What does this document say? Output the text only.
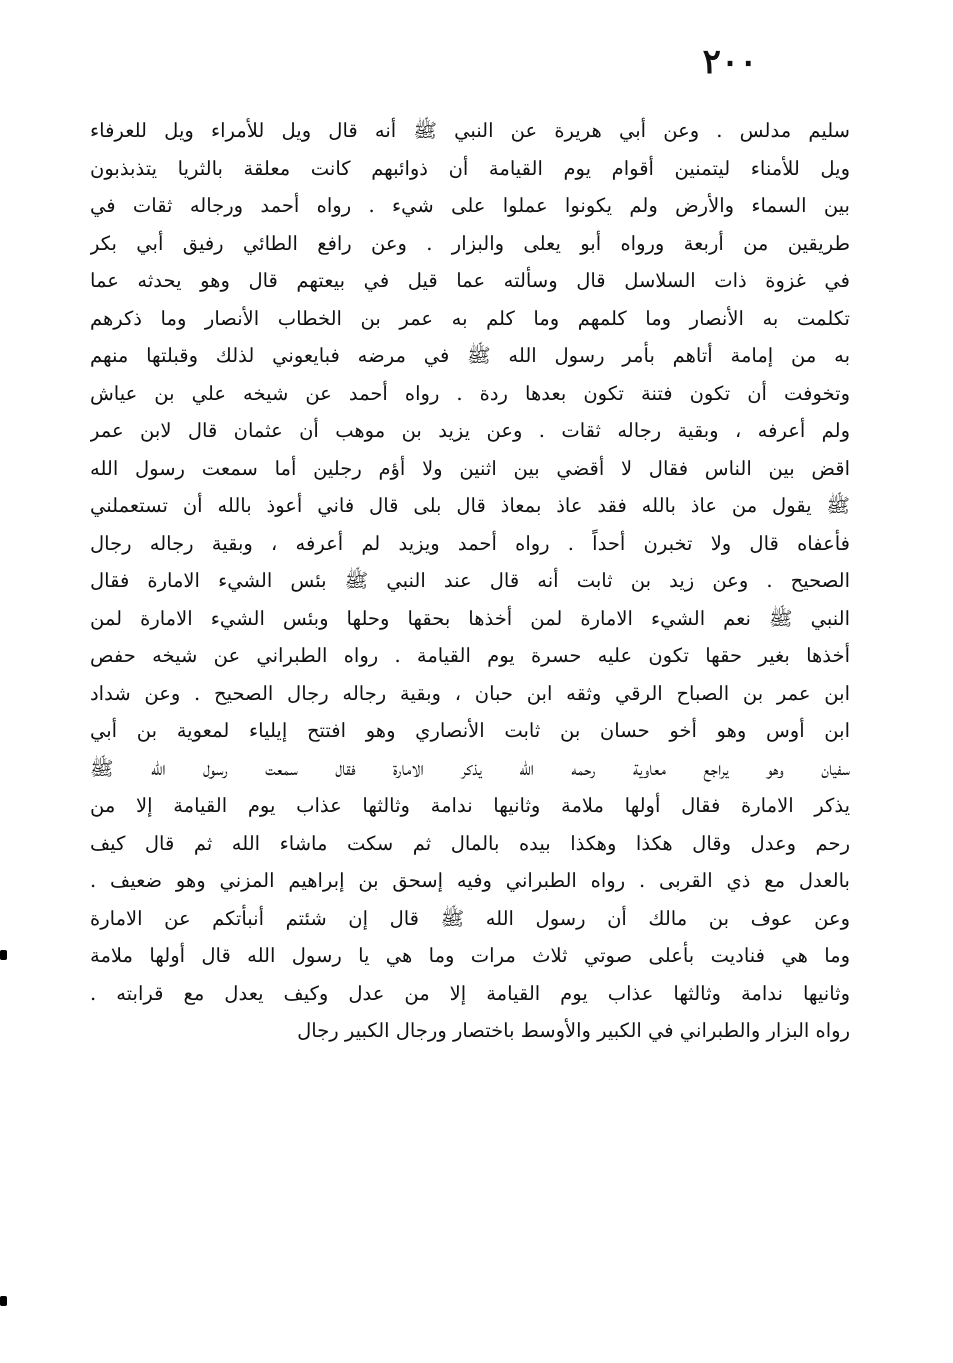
٢٠٠
سليم مدلس . وعن أبي هريرة عن النبي ﷺ أنه قال ويل للأمراء ويل للعرفاء
ويل للأمناء ليتمنين أقوام يوم القيامة أن ذوائبهم كانت معلقة بالثريا يتذبذبون
بين السماء والأرض ولم يكونوا عملوا على شيء . رواه أحمد ورجاله ثقات في
طريقين من أربعة ورواه أبو يعلى والبزار . وعن رافع الطائي رفيق أبي بكر
في غزوة ذات السلاسل قال وسألته عما قيل في بيعتهم قال وهو يحدثه عما
تكلمت به الأنصار وما كلمهم وما كلم به عمر بن الخطاب الأنصار وما ذكرهم
به من إمامة أتاهم بأمر رسول الله ﷺ في مرضه فبايعوني لذلك وقبلتها منهم
وتخوفت أن تكون فتنة تكون بعدها ردة . رواه أحمد عن شيخه علي بن عياش
ولم أعرفه ، وبقية رجاله ثقات . وعن يزيد بن موهب أن عثمان قال لابن عمر
اقض بين الناس فقال لا أقضي بين اثنين ولا أؤم رجلين أما سمعت رسول الله
ﷺ يقول من عاذ بالله فقد عاذ بمعاذ قال بلى قال فاني أعوذ بالله أن تستعملني
فأعفاه قال ولا تخبرن أحداً . رواه أحمد ويزيد لم أعرفه ، وبقية رجاله رجال
الصحيح . وعن زيد بن ثابت أنه قال عند النبي ﷺ بئس الشيء الامارة فقال
النبي ﷺ نعم الشيء الامارة لمن أخذها بحقها وحلها وبئس الشيء الامارة لمن
أخذها بغير حقها تكون عليه حسرة يوم القيامة . رواه الطبراني عن شيخه حفص
ابن عمر بن الصباح الرقي وثقه ابن حبان ، وبقية رجاله رجال الصحيح . وعن شداد
ابن أوس وهو أخو حسان بن ثابت الأنصاري وهو افتتح إيلياء لمعوية بن أبي
سفيان وهو يراجع معاوية رحمه الله يذكر الامارة فقال سمعت رسول الله ﷺ
يذكر الامارة فقال أولها ملامة وثانيها ندامة وثالثها عذاب يوم القيامة إلا من
رحم وعدل وقال هكذا وهكذا بيده بالمال ثم سكت ماشاء الله ثم قال كيف
بالعدل مع ذي القربى . رواه الطبراني وفيه إسحق بن إبراهيم المزني وهو ضعيف .
وعن عوف بن مالك أن رسول الله ﷺ قال إن شئتم أنبأتكم عن الامارة
وما هي فناديت بأعلى صوتي ثلاث مرات وما هي يا رسول الله قال أولها ملامة
وثانيها ندامة وثالثها عذاب يوم القيامة إلا من عدل وكيف يعدل مع قرابته .
رواه البزار والطبراني في الكبير والأوسط باختصار ورجال الكبير رجال
